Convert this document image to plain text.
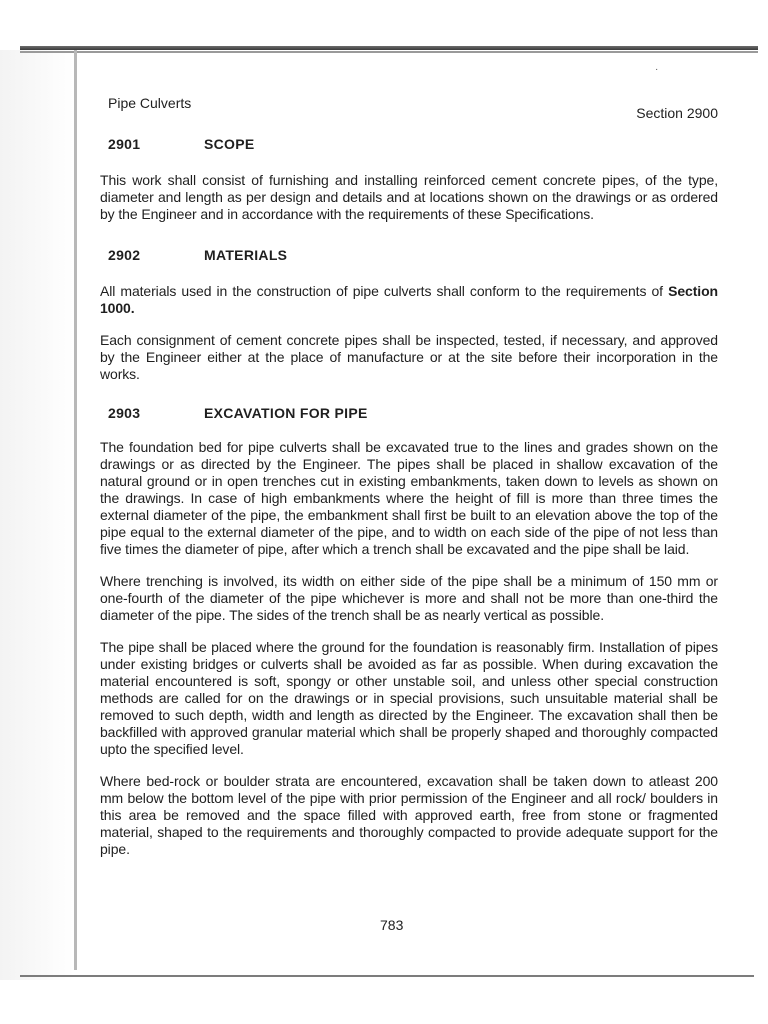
·
Pipe Culverts
Section 2900
2901	SCOPE

This work shall consist of furnishing and installing reinforced cement concrete pipes, of the type, diameter and length as per design and details and at locations shown on the drawings or as ordered by the Engineer and in accordance with the requirements of these Specifications.

2902	MATERIALS

All materials used in the construction of pipe culverts shall conform to the requirements of Section 1000.

Each consignment of cement concrete pipes shall be inspected, tested, if necessary, and approved by the Engineer either at the place of manufacture or at the site before their incorporation in the works.

2903	EXCAVATION FOR PIPE

The foundation bed for pipe culverts shall be excavated true to the lines and grades shown on the drawings or as directed by the Engineer. The pipes shall be placed in shallow excavation of the natural ground or in open trenches cut in existing embankments, taken down to levels as shown on the drawings. In case of high embankments where the height of fill is more than three times the external diameter of the pipe, the embankment shall first be built to an elevation above the top of the pipe equal to the external diameter of the pipe, and to width on each side of the pipe of not less than five times the diameter of pipe, after which a trench shall be excavated and the pipe shall be laid.

Where trenching is involved, its width on either side of the pipe shall be a minimum of 150 mm or one-fourth of the diameter of the pipe whichever is more and shall not be more than one-third the diameter of the pipe. The sides of the trench shall be as nearly vertical as possible.

The pipe shall be placed where the ground for the foundation is reasonably firm. Installation of pipes under existing bridges or culverts shall be avoided as far as possible. When during excavation the material encountered is soft, spongy or other unstable soil, and unless other special construction methods are called for on the drawings or in special provisions, such unsuitable material shall be removed to such depth, width and length as directed by the Engineer. The excavation shall then be backfilled with approved granular material which shall be properly shaped and thoroughly compacted upto the specified level.

Where bed-rock or boulder strata are encountered, excavation shall be taken down to atleast 200 mm below the bottom level of the pipe with prior permission of the Engineer and all rock/ boulders in this area be removed and the space filled with approved earth, free from stone or fragmented material, shaped to the requirements and thoroughly compacted to provide adequate support for the pipe.

783
